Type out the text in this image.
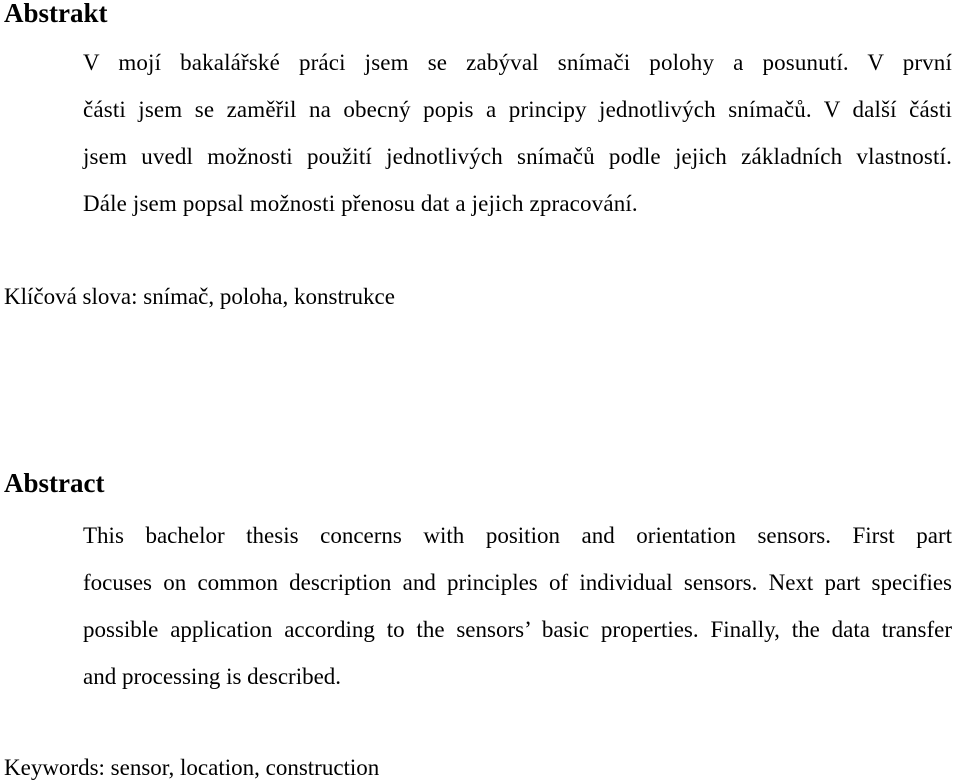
Abstrakt
V mojí bakalářské práci jsem se zabýval snímači polohy a posunutí. V první
části jsem se zaměřil na obecný popis a principy jednotlivých snímačů. V další části
jsem uvedl možnosti použití jednotlivých snímačů podle jejich základních vlastností.
Dále jsem popsal možnosti přenosu dat a jejich zpracování.

Klíčová slova: snímač, poloha, konstrukce

Abstract
This bachelor thesis concerns with position and orientation sensors. First part
focuses on common description and principles of individual sensors. Next part specifies
possible application according to the sensors’ basic properties. Finally, the data transfer
and processing is described.

Keywords: sensor, location, construction
